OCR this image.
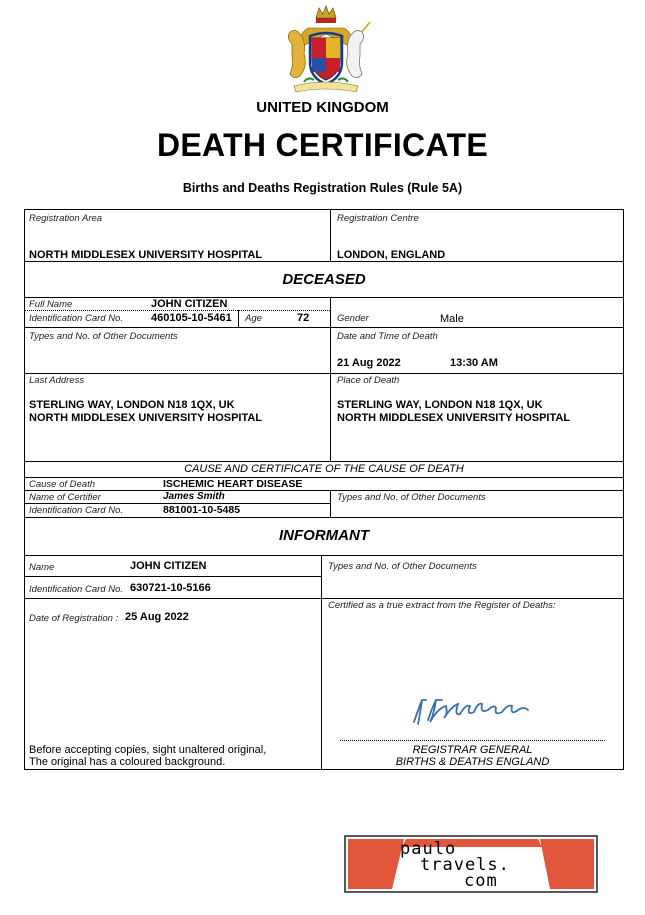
UNITED KINGDOM
DEATH CERTIFICATE
Births and Deaths Registration Rules (Rule 5A)
Registration Area
NORTH MIDDLESEX UNIVERSITY HOSPITAL
Registration Centre
LONDON, ENGLAND
DECEASED
Full Name	JOHN CITIZEN
Identification Card No.	460105-10-5461 Age	72	Gender	Male
Types and No. of Other Documents	Date and Time of Death
21 Aug 2022	13:30 AM
Last Address
STERLING WAY, LONDON N18 1QX, UK
NORTH MIDDLESEX UNIVERSITY HOSPITAL
Place of Death
STERLING WAY, LONDON N18 1QX, UK
NORTH MIDDLESEX UNIVERSITY HOSPITAL
CAUSE AND CERTIFICATE OF THE CAUSE OF DEATH
Cause of Death	ISCHEMIC HEART DISEASE
Name of Certifier	James Smith	Types and No. of Other Documents
Identification Card No.	881001-10-5485
INFORMANT
Name	JOHN CITIZEN
Identification Card No. 630721-10-5166
Types and No. of Other Documents
Date of Registration : 25 Aug 2022
Certified as a true extract from the Register of Deaths:
Before accepting copies, sight unaltered original,
The original has a coloured background.
REGISTRAR GENERAL
BIRTHS & DEATHS ENGLAND
paulo
travels.
com
